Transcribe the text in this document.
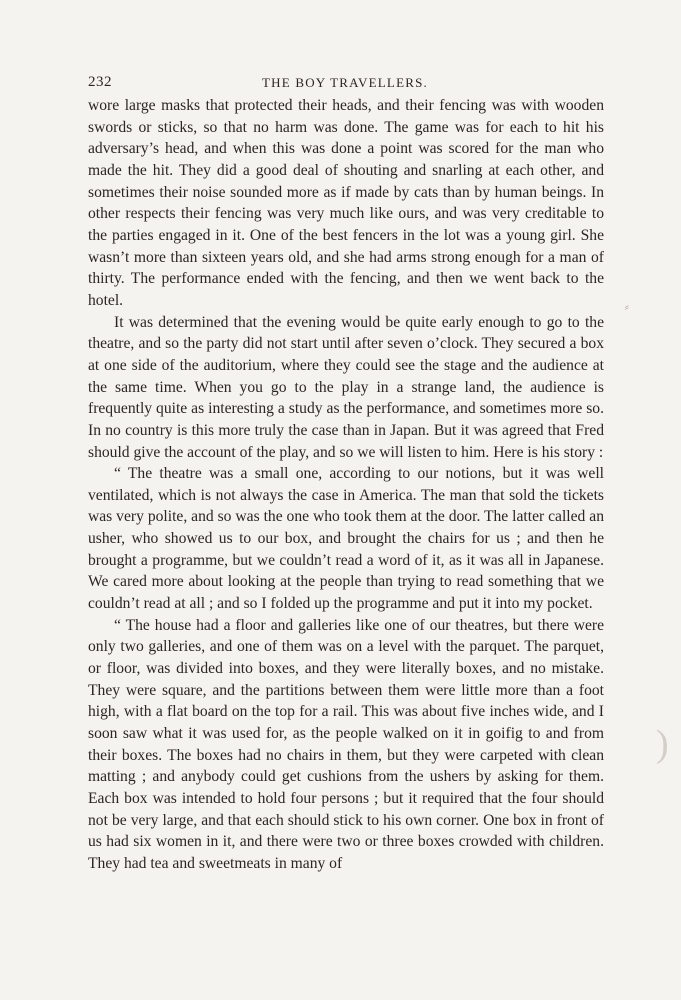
232	THE BOY TRAVELLERS.

wore large masks that protected their heads, and their fencing was with wooden swords or sticks, so that no harm was done. The game was for each to hit his adversary’s head, and when this was done a point was scored for the man who made the hit. They did a good deal of shouting and snarling at each other, and sometimes their noise sounded more as if made by cats than by human beings. In other respects their fencing was very much like ours, and was very creditable to the parties engaged in it. One of the best fencers in the lot was a young girl. She wasn’t more than sixteen years old, and she had arms strong enough for a man of thirty. The performance ended with the fencing, and then we went back to the hotel.

It was determined that the evening would be quite early enough to go to the theatre, and so the party did not start until after seven o’clock. They secured a box at one side of the auditorium, where they could see the stage and the audience at the same time. When you go to the play in a strange land, the audience is frequently quite as interesting a study as the performance, and sometimes more so. In no country is this more truly the case than in Japan. But it was agreed that Fred should give the account of the play, and so we will listen to him. Here is his story :

“ The theatre was a small one, according to our notions, but it was well ventilated, which is not always the case in America. The man that sold the tickets was very polite, and so was the one who took them at the door. The latter called an usher, who showed us to our box, and brought the chairs for us ; and then he brought a programme, but we couldn’t read a word of it, as it was all in Japanese. We cared more about looking at the people than trying to read something that we couldn’t read at all ; and so I folded up the programme and put it into my pocket.

“ The house had a floor and galleries like one of our theatres, but there were only two galleries, and one of them was on a level with the parquet. The parquet, or floor, was divided into boxes, and they were literally boxes, and no mistake. They were square, and the partitions between them were little more than a foot high, with a flat board on the top for a rail. This was about five inches wide, and I soon saw what it was used for, as the people walked on it in goifig to and from their boxes. The boxes had no chairs in them, but they were carpeted with clean matting ; and anybody could get cushions from the ushers by asking for them. Each box was intended to hold four persons ; but it required that the four should not be very large, and that each should stick to his own corner. One box in front of us had six women in it, and there were two or three boxes crowded with children. They had tea and sweetmeats in many of

⸗
(
